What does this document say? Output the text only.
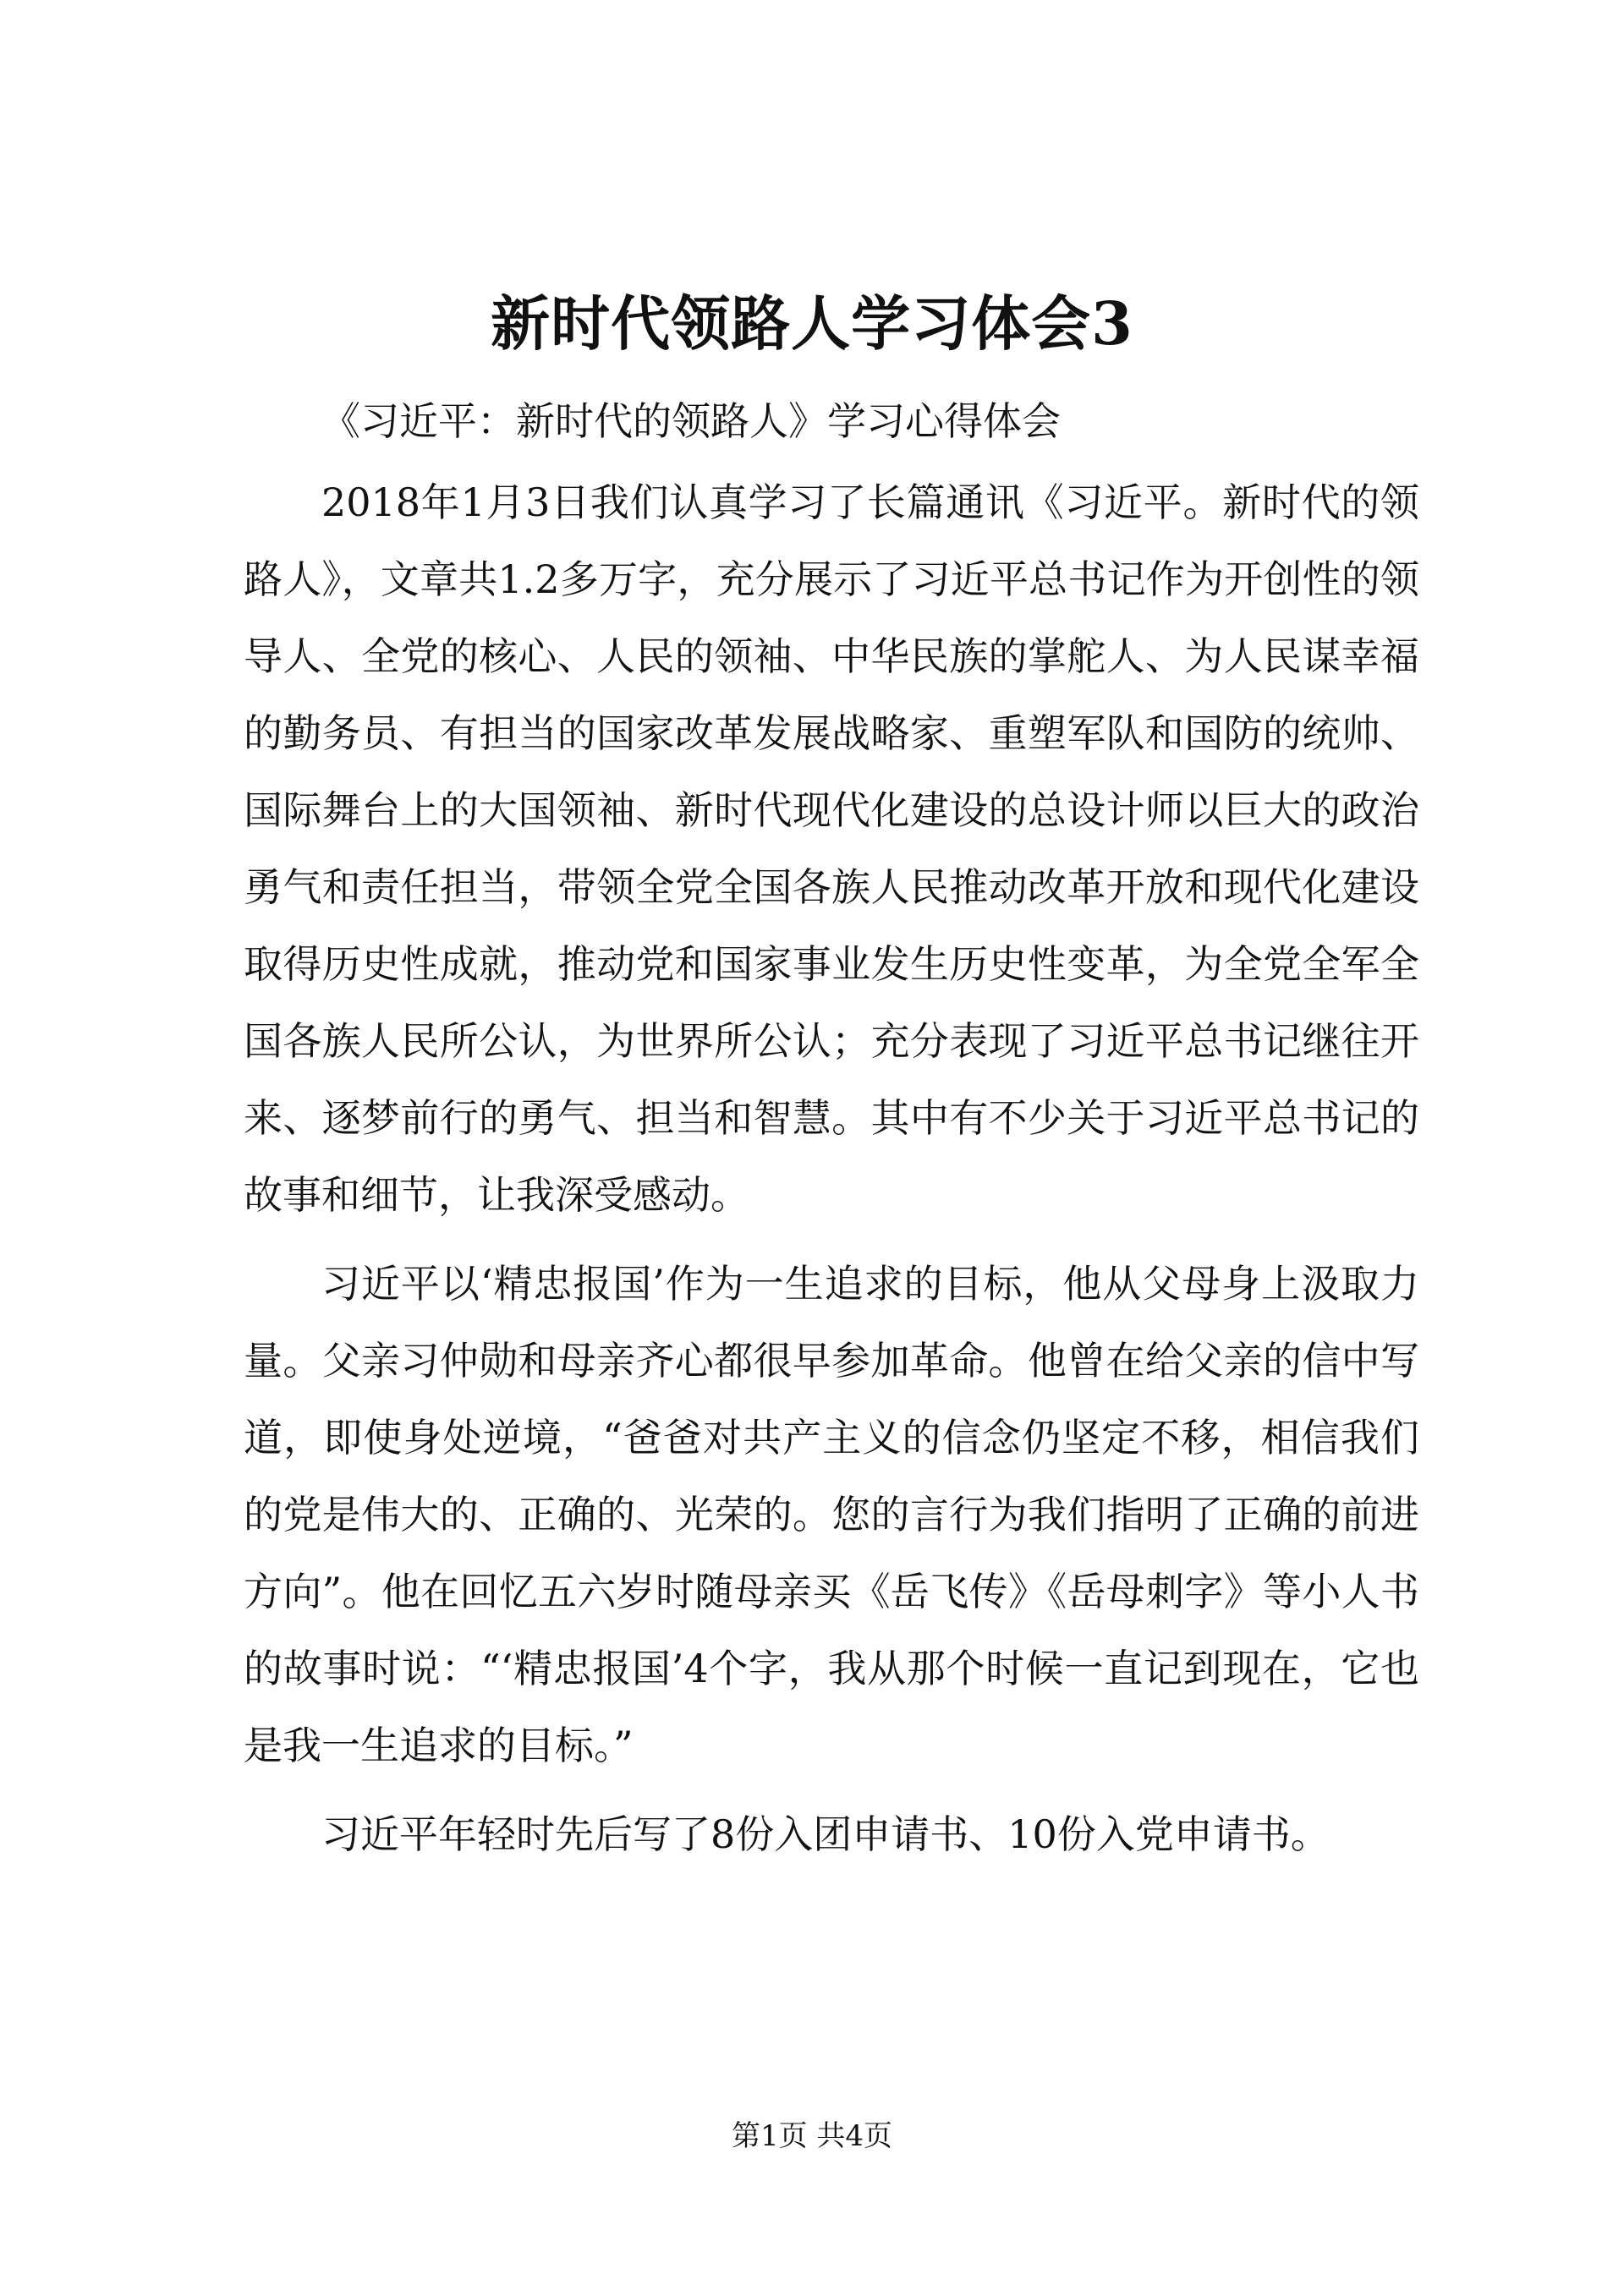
新时代领路人学习体会3

《习近平：新时代的领路人》学习心得体会

2018年1月3日我们认真学习了长篇通讯《习近平。新时代的领路人》，文章共1.2多万字，充分展示了习近平总书记作为开创性的领导人、全党的核心、人民的领袖、中华民族的掌舵人、为人民谋幸福的勤务员、有担当的国家改革发展战略家、重塑军队和国防的统帅、国际舞台上的大国领袖、新时代现代化建设的总设计师以巨大的政治勇气和责任担当，带领全党全国各族人民推动改革开放和现代化建设取得历史性成就，推动党和国家事业发生历史性变革，为全党全军全国各族人民所公认，为世界所公认；充分表现了习近平总书记继往开来、逐梦前行的勇气、担当和智慧。其中有不少关于习近平总书记的故事和细节，让我深受感动。

习近平以‘精忠报国’作为一生追求的目标，他从父母身上汲取力量。父亲习仲勋和母亲齐心都很早参加革命。他曾在给父亲的信中写道，即使身处逆境，“爸爸对共产主义的信念仍坚定不移，相信我们的党是伟大的、正确的、光荣的。您的言行为我们指明了正确的前进方向”。他在回忆五六岁时随母亲买《岳飞传》《岳母刺字》等小人书的故事时说：“‘精忠报国’4个字，我从那个时候一直记到现在，它也是我一生追求的目标。”

习近平年轻时先后写了8份入团申请书、10份入党申请书。

第1页 共4页
